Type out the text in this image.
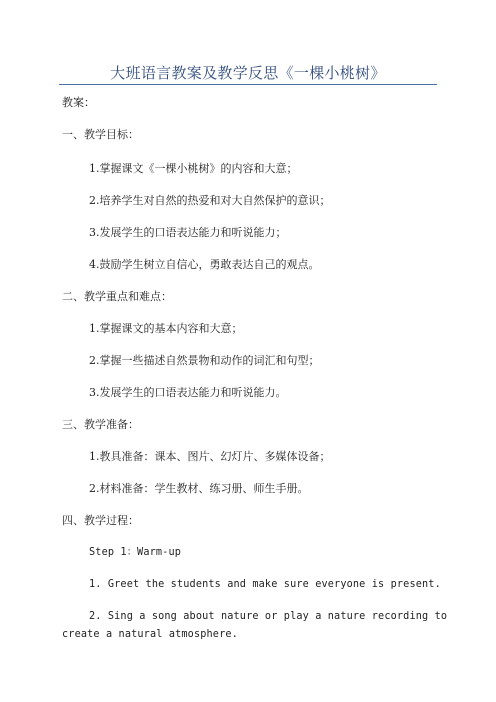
大班语言教案及教学反思《一棵小桃树》
教案：
一、教学目标：
1.掌握课文《一棵小桃树》的内容和大意；
2.培养学生对自然的热爱和对大自然保护的意识；
3.发展学生的口语表达能力和听说能力；
4.鼓励学生树立自信心，勇敢表达自己的观点。
二、教学重点和难点：
1.掌握课文的基本内容和大意；
2.掌握一些描述自然景物和动作的词汇和句型；
3.发展学生的口语表达能力和听说能力。
三、教学准备：
1.教具准备：课本、图片、幻灯片、多媒体设备；
2.材料准备：学生教材、练习册、师生手册。
四、教学过程：
Step 1：Warm-up
1. Greet the students and make sure everyone is present.
2. Sing a song about nature or play a nature recording to
create a natural atmosphere.
